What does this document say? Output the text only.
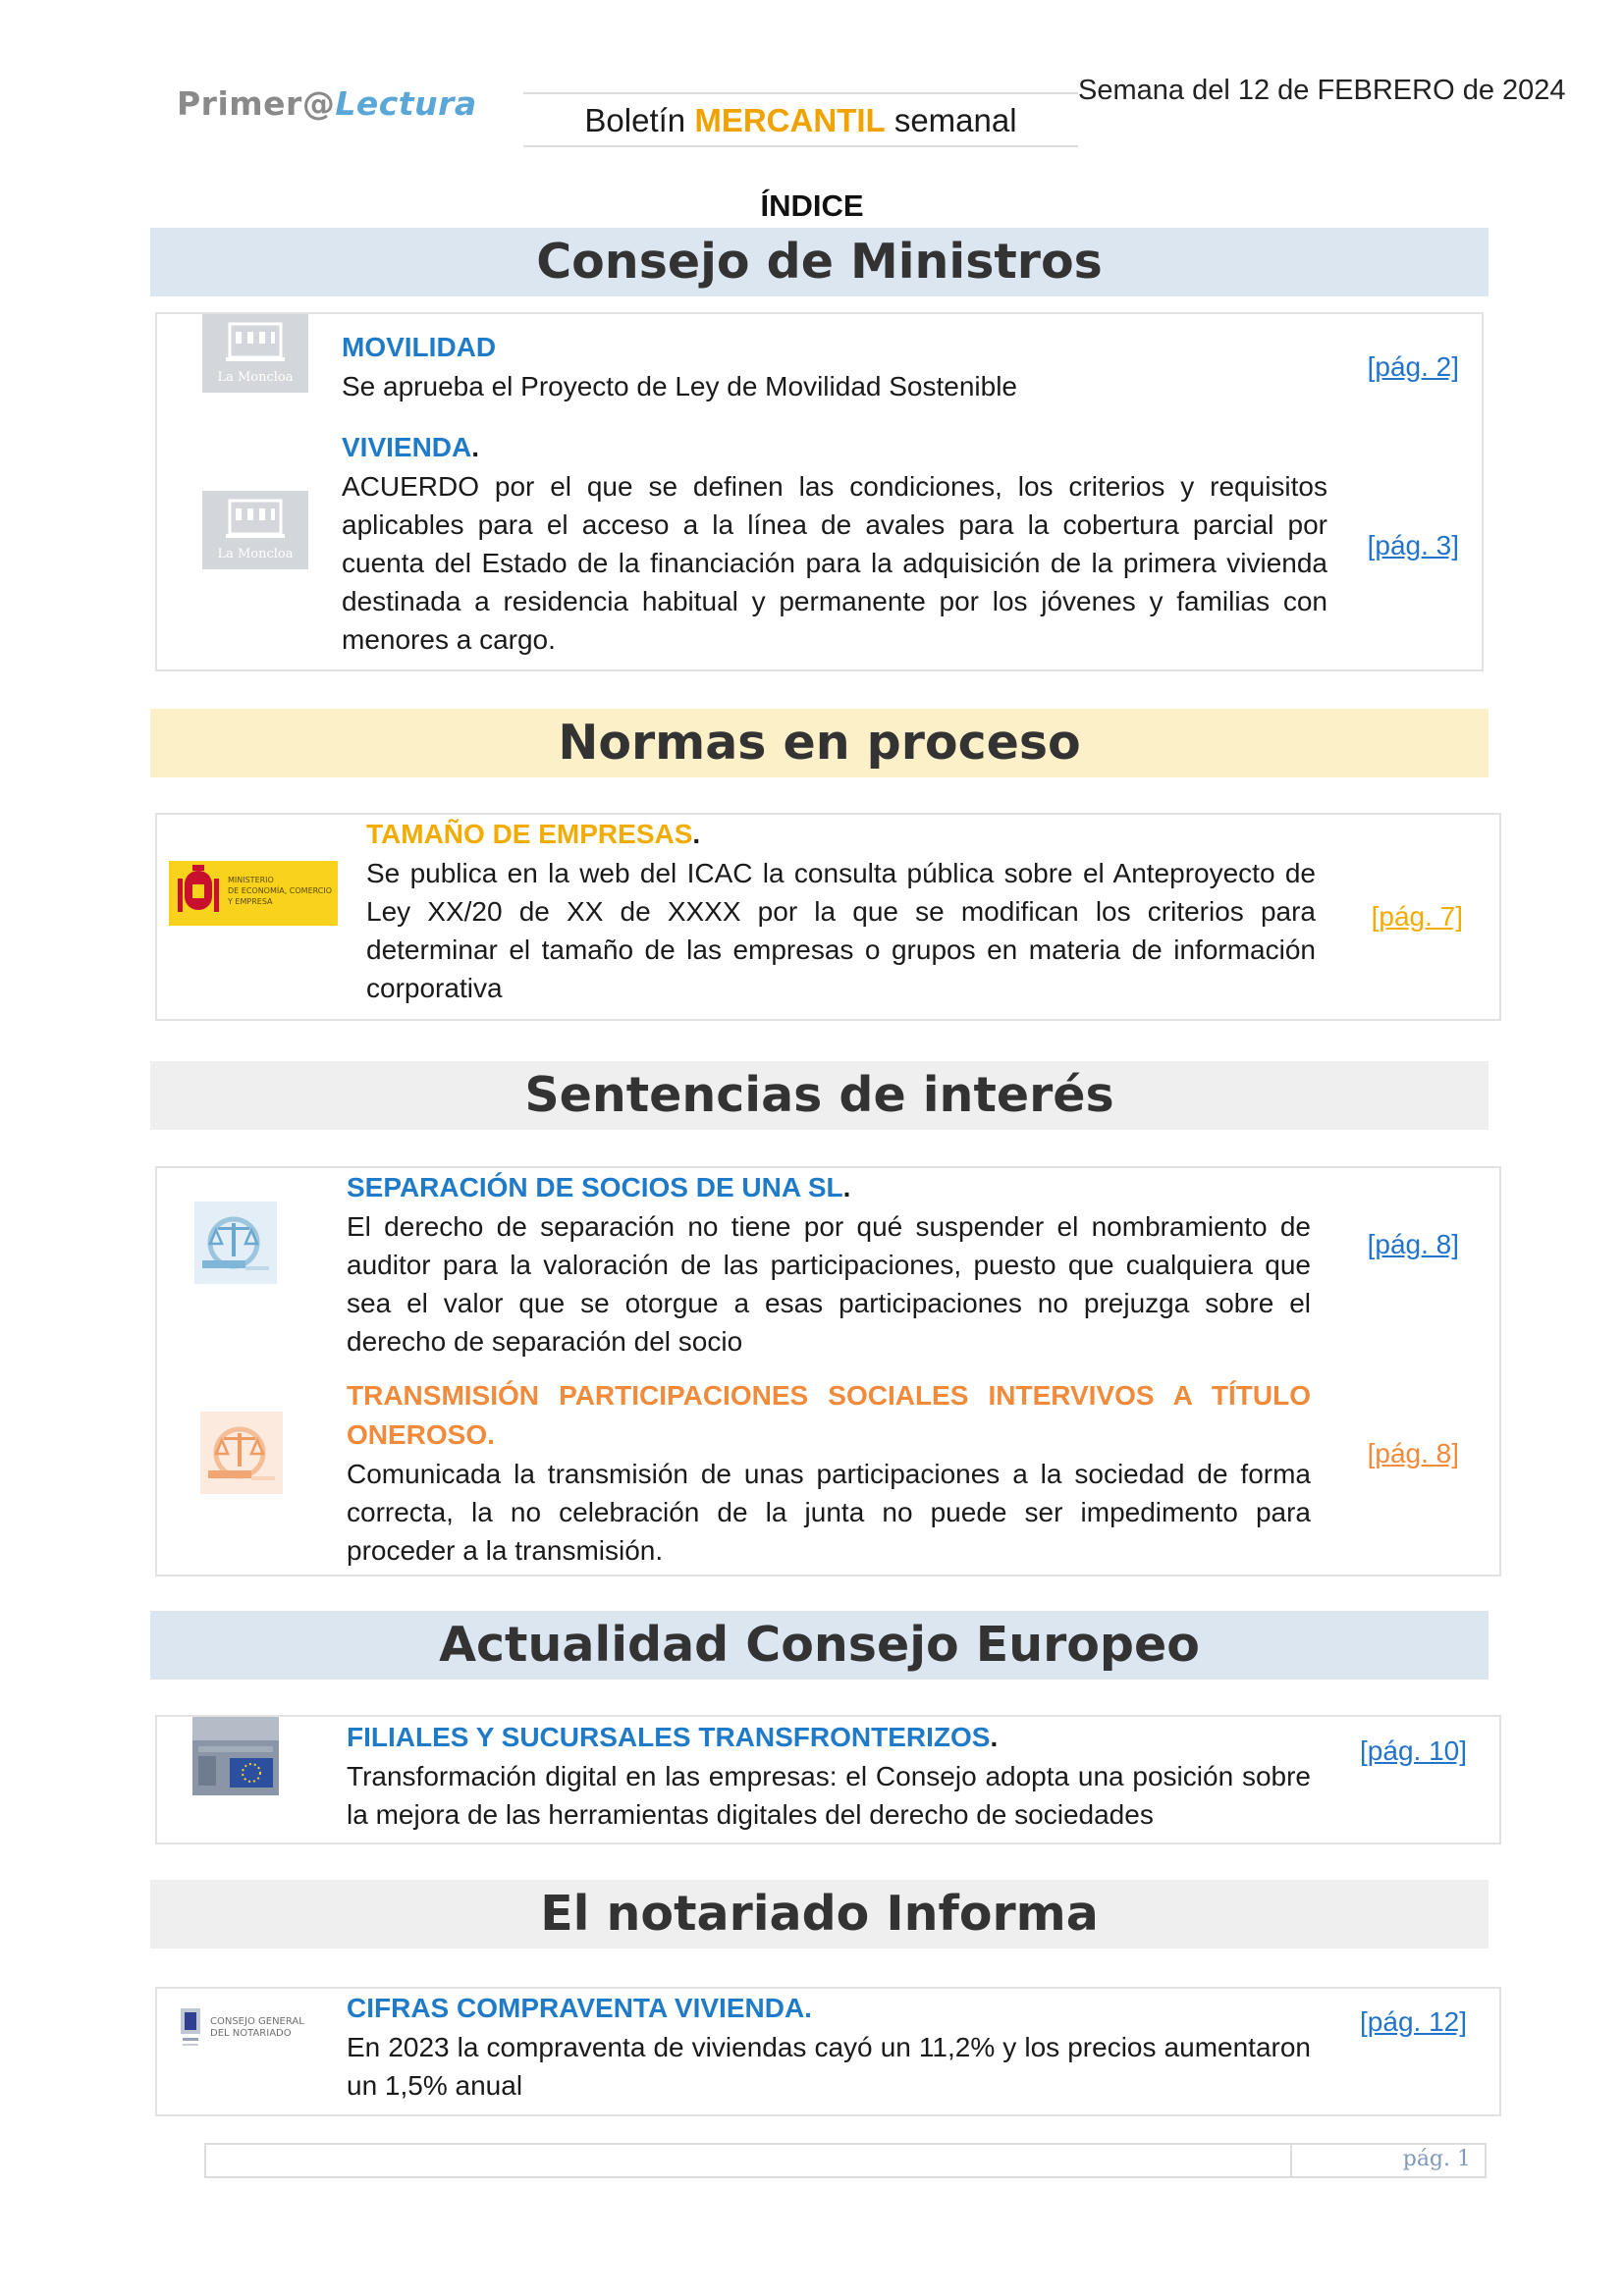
Primer@Lectura	Boletín MERCANTIL semanal
Semana del 12 de FEBRERO de 2024
ÍNDICE
Consejo de Ministros
La Moncloa
MOVILIDAD
Se aprueba el Proyecto de Ley de Movilidad Sostenible
[pág. 2]
La Moncloa
VIVIENDA.
ACUERDO por el que se definen las condiciones, los criterios y requisitos aplicables para el acceso a la línea de avales para la cobertura parcial por cuenta del Estado de la financiación para la adquisición de la primera vivienda destinada a residencia habitual y permanente por los jóvenes y familias con menores a cargo.
[pág. 3]
Normas en proceso
MINISTERIO
DE ECONOMÍA, COMERCIO
Y EMPRESA
TAMAÑO DE EMPRESAS.
Se publica en la web del ICAC la consulta pública sobre el Anteproyecto de Ley XX/20 de XX de XXXX por la que se modifican los criterios para determinar el tamaño de las empresas o grupos en materia de información corporativa
[pág. 7]
Sentencias de interés
SEPARACIÓN DE SOCIOS DE UNA SL.
El derecho de separación no tiene por qué suspender el nombramiento de auditor para la valoración de las participaciones, puesto que cualquiera que sea el valor que se otorgue a esas participaciones no prejuzga sobre el derecho de separación del socio
[pág. 8]
TRANSMISIÓN PARTICIPACIONES SOCIALES INTERVIVOS A TÍTULO ONEROSO.
Comunicada la transmisión de unas participaciones a la sociedad de forma correcta, la no celebración de la junta no puede ser impedimento para proceder a la transmisión.
[pág. 8]
Actualidad Consejo Europeo
FILIALES Y SUCURSALES TRANSFRONTERIZOS.
Transformación digital en las empresas: el Consejo adopta una posición sobre la mejora de las herramientas digitales del derecho de sociedades
[pág. 10]
El notariado Informa
CONSEJO GENERAL
DEL NOTARIADO
CIFRAS COMPRAVENTA VIVIENDA.
En 2023 la compraventa de viviendas cayó un 11,2% y los precios aumentaron un 1,5% anual
[pág. 12]
pág. 1
